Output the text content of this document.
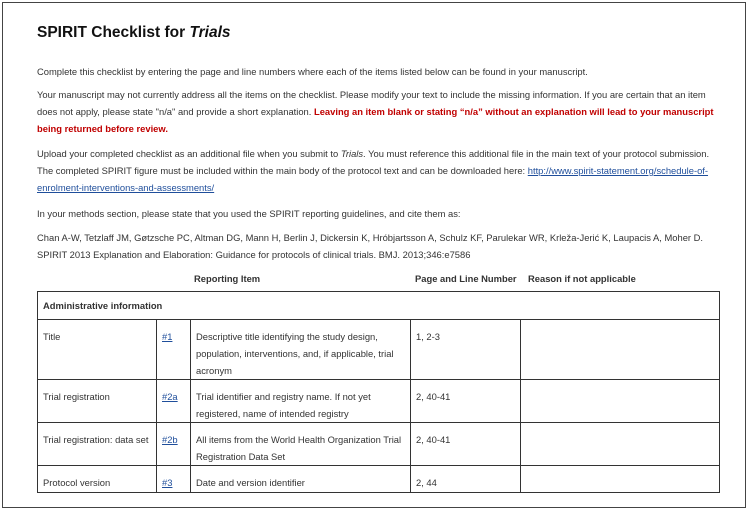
SPIRIT Checklist for Trials

Complete this checklist by entering the page and line numbers where each of the items listed below can be found in your manuscript.

Your manuscript may not currently address all the items on the checklist. Please modify your text to include the missing information. If you are certain that an item does not apply, please state "n/a" and provide a short explanation. Leaving an item blank or stating “n/a” without an explanation will lead to your manuscript being returned before review.

Upload your completed checklist as an additional file when you submit to Trials. You must reference this additional file in the main text of your protocol submission. The completed SPIRIT figure must be included within the main body of the protocol text and can be downloaded here: http://www.spirit-statement.org/schedule-of-enrolment-interventions-and-assessments/

In your methods section, please state that you used the SPIRIT reporting guidelines, and cite them as:

Chan A-W, Tetzlaff JM, Gøtzsche PC, Altman DG, Mann H, Berlin J, Dickersin K, Hróbjartsson A, Schulz KF, Parulekar WR, Krleža-Jerić K, Laupacis A, Moher D. SPIRIT 2013 Explanation and Elaboration: Guidance for protocols of clinical trials. BMJ. 2013;346:e7586

Reporting Item	Page and Line Number Reason if not applicable
Administrative information				
Title	#1	Descriptive title identifying the study design, population, interventions, and, if applicable, trial acronym	1, 2-3	
Trial registration	#2a	Trial identifier and registry name. If not yet registered, name of intended registry	2, 40-41	
Trial registration: data set	#2b	All items from the World Health Organization Trial Registration Data Set	2, 40-41	
Protocol version	#3	Date and version identifier	2, 44	
